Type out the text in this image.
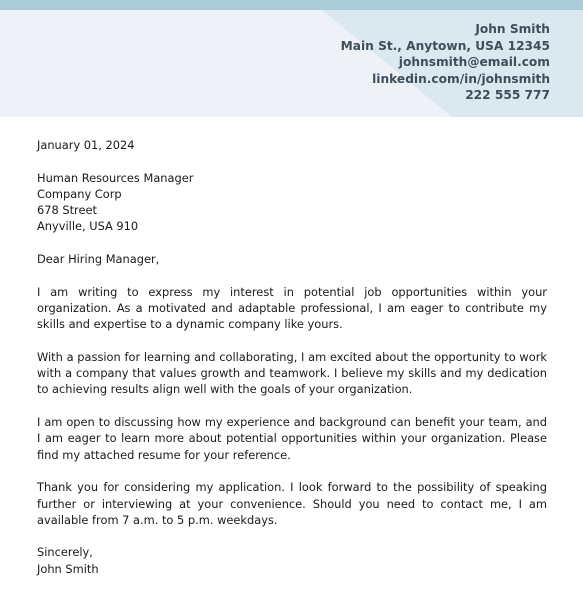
John Smith
Main St., Anytown, USA 12345
johnsmith@email.com
linkedin.com/in/johnsmith
222 555 777
January 01, 2024
Human Resources Manager
Company Corp
678 Street
Anyville, USA 910
Dear Hiring Manager,

I am writing to express my interest in potential job opportunities within your organization. As a motivated and adaptable professional, I am eager to contribute my skills and expertise to a dynamic company like yours.

With a passion for learning and collaborating, I am excited about the opportunity to work with a company that values growth and teamwork. I believe my skills and my dedication to achieving results align well with the goals of your organization.

I am open to discussing how my experience and background can benefit your team, and I am eager to learn more about potential opportunities within your organization. Please find my attached resume for your reference.

Thank you for considering my application. I look forward to the possibility of speaking further or interviewing at your convenience. Should you need to contact me, I am available from 7 a.m. to 5 p.m. weekdays.

Sincerely,
John Smith
